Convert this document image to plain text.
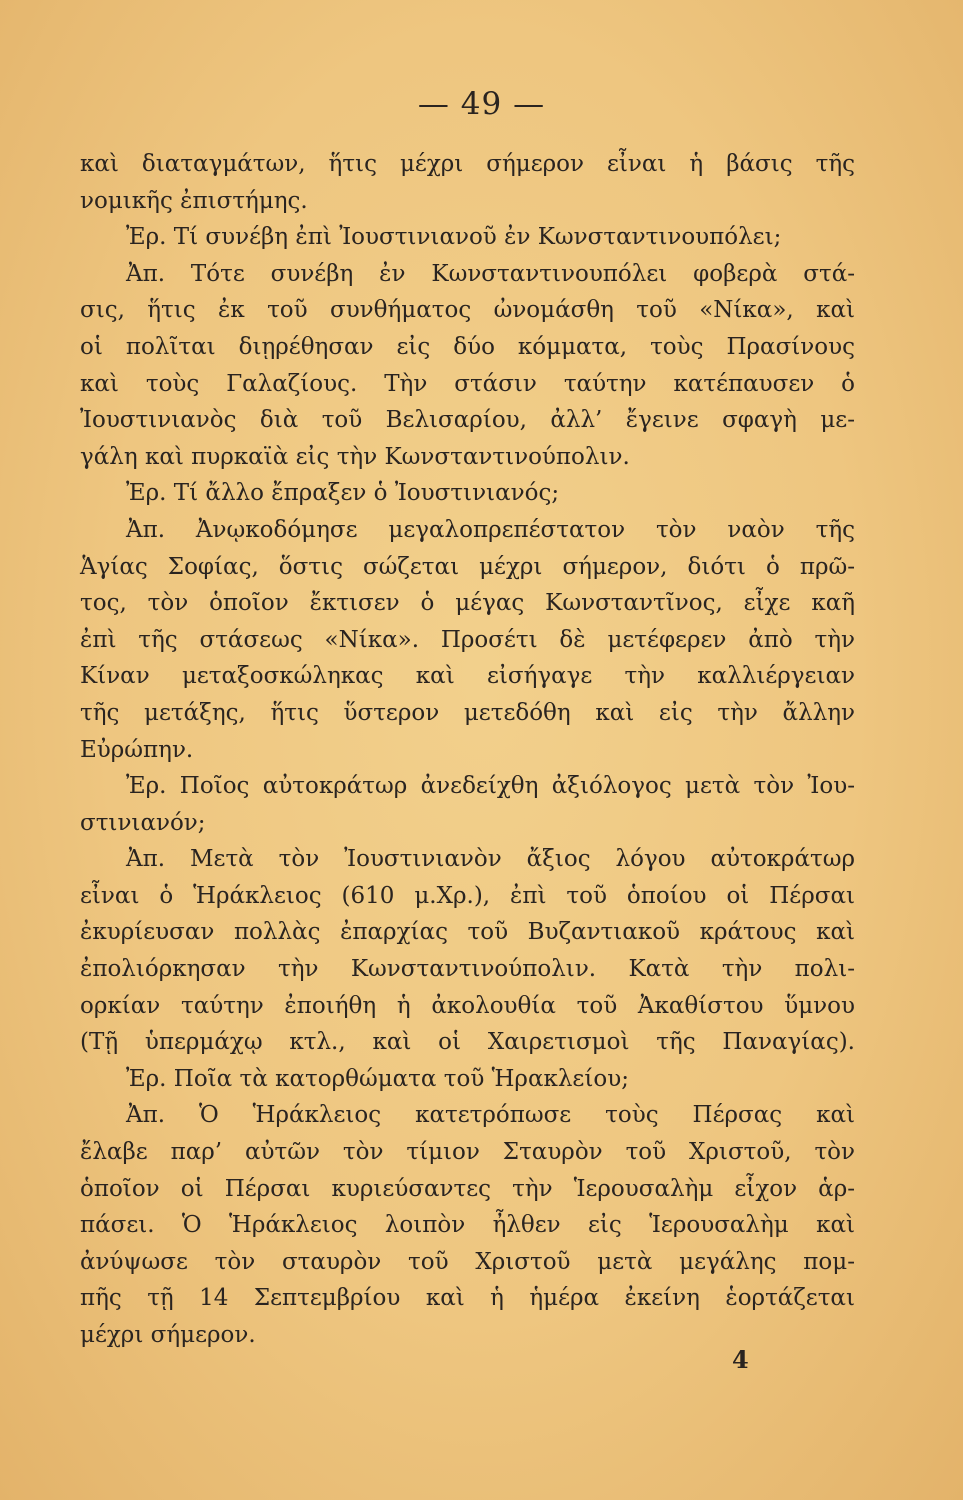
— 49 —
καὶ διαταγμάτων, ἥτις μέχρι σήμερον εἶναι ἡ βάσις τῆς
νομικῆς ἐπιστήμης.
Ἐρ. Τί συνέβη ἐπὶ Ἰουστινιανοῦ ἐν Κωνσταντινουπόλει;
Ἀπ. Τότε συνέβη ἐν Κωνσταντινουπόλει φοβερὰ στά-
σις, ἥτις ἐκ τοῦ συνθήματος ὠνομάσθη τοῦ «Νίκα», καὶ
οἱ πολῖται διῃρέθησαν εἰς δύο κόμματα, τοὺς Πρασίνους
καὶ τοὺς Γαλαζίους. Τὴν στάσιν ταύτην κατέπαυσεν ὁ
Ἰουστινιανὸς διὰ τοῦ Βελισαρίου, ἀλλ’ ἔγεινε σφαγὴ με-
γάλη καὶ πυρκαϊὰ εἰς τὴν Κωνσταντινούπολιν.
Ἐρ. Τί ἄλλο ἔπραξεν ὁ Ἰουστινιανός;
Ἀπ. Ἀνῳκοδόμησε μεγαλοπρεπέστατον τὸν ναὸν τῆς
Ἁγίας Σοφίας, ὅστις σώζεται μέχρι σήμερον, διότι ὁ πρῶ-
τος, τὸν ὁποῖον ἔκτισεν ὁ μέγας Κωνσταντῖνος, εἶχε καῆ
ἐπὶ τῆς στάσεως «Νίκα». Προσέτι δὲ μετέφερεν ἀπὸ τὴν
Κίναν μεταξοσκώληκας καὶ εἰσήγαγε τὴν καλλιέργειαν
τῆς μετάξης, ἥτις ὕστερον μετεδόθη καὶ εἰς τὴν ἄλλην
Εὐρώπην.
Ἐρ. Ποῖος αὐτοκράτωρ ἀνεδείχθη ἀξιόλογος μετὰ τὸν Ἰου-
στινιανόν;
Ἀπ. Μετὰ τὸν Ἰουστινιανὸν ἄξιος λόγου αὐτοκράτωρ
εἶναι ὁ Ἡράκλειος (610 μ.Χρ.), ἐπὶ τοῦ ὁποίου οἱ Πέρσαι
ἐκυρίευσαν πολλὰς ἐπαρχίας τοῦ Βυζαντιακοῦ κράτους καὶ
ἐπολιόρκησαν τὴν Κωνσταντινούπολιν. Κατὰ τὴν πολι-
ορκίαν ταύτην ἐποιήθη ἡ ἀκολουθία τοῦ Ἀκαθίστου ὕμνου
(Τῇ ὑπερμάχῳ κτλ., καὶ οἱ Χαιρετισμοὶ τῆς Παναγίας).
Ἐρ. Ποῖα τὰ κατορθώματα τοῦ Ἡρακλείου;
Ἀπ. Ὁ Ἡράκλειος κατετρόπωσε τοὺς Πέρσας καὶ
ἔλαβε παρ’ αὐτῶν τὸν τίμιον Σταυρὸν τοῦ Χριστοῦ, τὸν
ὁποῖον οἱ Πέρσαι κυριεύσαντες τὴν Ἱερουσαλὴμ εἶχον ἁρ-
πάσει. Ὁ Ἡράκλειος λοιπὸν ἦλθεν εἰς Ἱερουσαλὴμ καὶ
ἀνύψωσε τὸν σταυρὸν τοῦ Χριστοῦ μετὰ μεγάλης πομ-
πῆς τῇ 14 Σεπτεμβρίου καὶ ἡ ἡμέρα ἐκείνη ἑορτάζεται
μέχρι σήμερον.
4
